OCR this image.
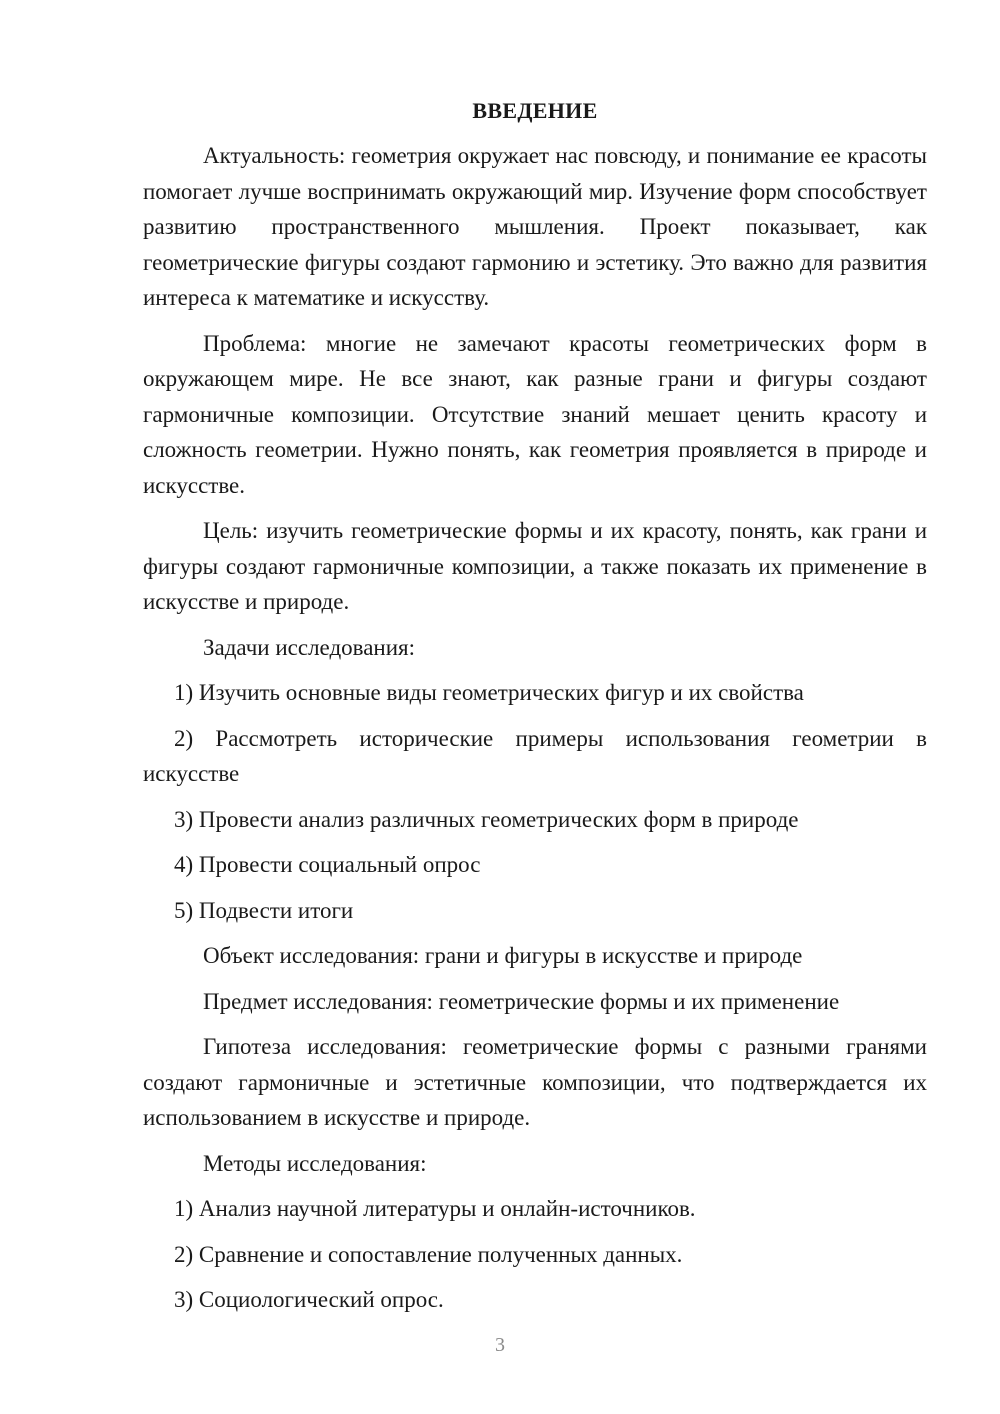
ВВЕДЕНИЕ

Актуальность: геометрия окружает нас повсюду, и понимание ее красоты помогает лучше воспринимать окружающий мир. Изучение форм способствует развитию пространственного мышления. Проект показывает, как геометрические фигуры создают гармонию и эстетику. Это важно для развития интереса к математике и искусству.

Проблема: многие не замечают красоты геометрических форм в окружающем мире. Не все знают, как разные грани и фигуры создают гармоничные композиции. Отсутствие знаний мешает ценить красоту и сложность геометрии. Нужно понять, как геометрия проявляется в природе и искусстве.

Цель: изучить геометрические формы и их красоту, понять, как грани и фигуры создают гармоничные композиции, а также показать их применение в искусстве и природе.

Задачи исследования:
1) Изучить основные виды геометрических фигур и их свойства
2) Рассмотреть исторические примеры использования геометрии в искусстве
3) Провести анализ различных геометрических форм в природе
4) Провести социальный опрос
5) Подвести итоги
Объект исследования: грани и фигуры в искусстве и природе
Предмет исследования: геометрические формы и их применение

Гипотеза исследования: геометрические формы с разными гранями создают гармоничные и эстетичные композиции, что подтверждается их использованием в искусстве и природе.

Методы исследования:
1) Анализ научной литературы и онлайн-источников.
2) Сравнение и сопоставление полученных данных.
3) Социологический опрос.
3
